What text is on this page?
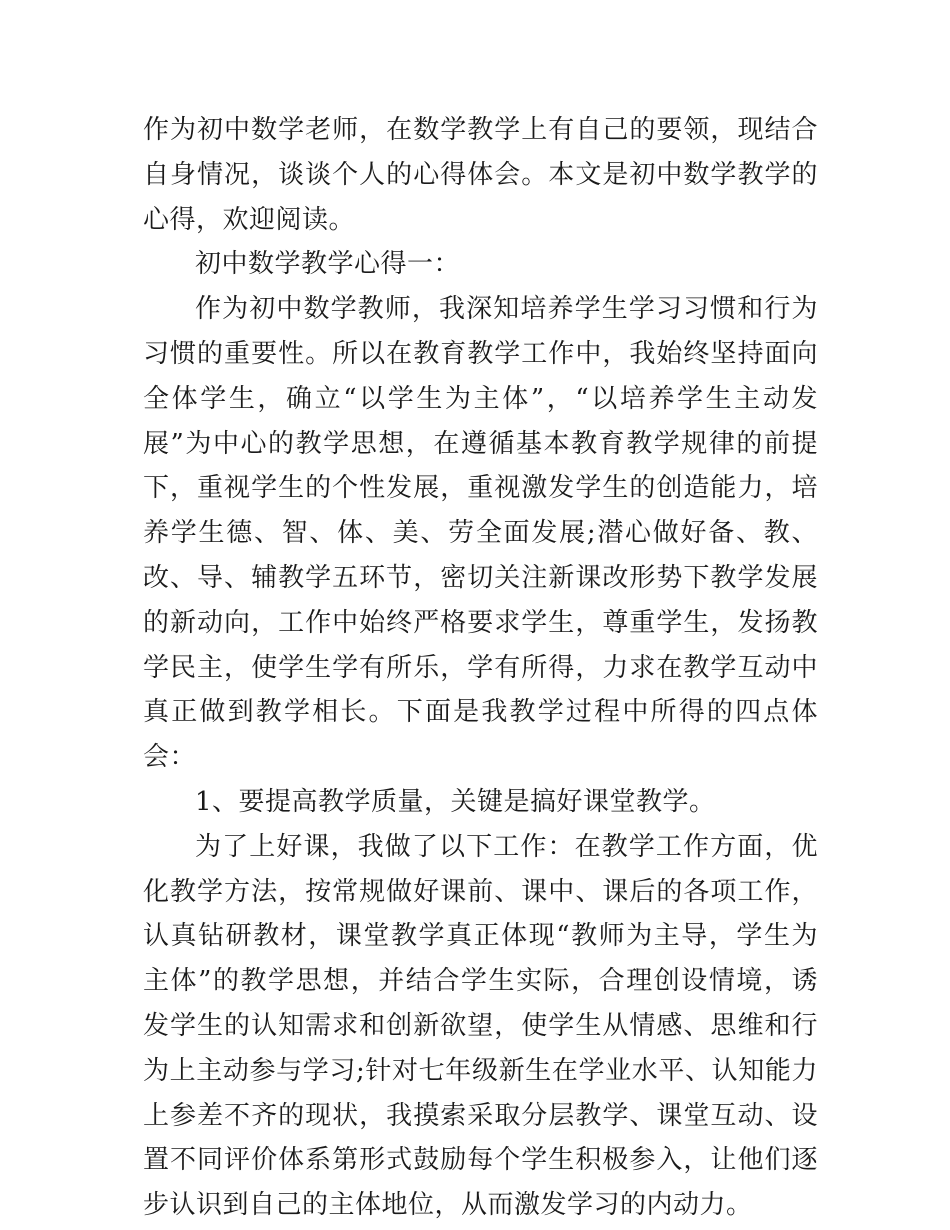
作为初中数学老师，在数学教学上有自己的要领，现结合自身情况，谈谈个人的心得体会。本文是初中数学教学的心得，欢迎阅读。

初中数学教学心得一：

作为初中数学教师，我深知培养学生学习习惯和行为习惯的重要性。所以在教育教学工作中，我始终坚持面向全体学生，确立“以学生为主体”，“以培养学生主动发展”为中心的教学思想，在遵循基本教育教学规律的前提下，重视学生的个性发展，重视激发学生的创造能力，培养学生德、智、体、美、劳全面发展;潜心做好备、教、改、导、辅教学五环节，密切关注新课改形势下教学发展的新动向，工作中始终严格要求学生，尊重学生，发扬教学民主，使学生学有所乐，学有所得，力求在教学互动中真正做到教学相长。下面是我教学过程中所得的四点体会：

1、要提高教学质量，关键是搞好课堂教学。

为了上好课，我做了以下工作：在教学工作方面，优化教学方法，按常规做好课前、课中、课后的各项工作，认真钻研教材，课堂教学真正体现“教师为主导，学生为主体”的教学思想，并结合学生实际，合理创设情境，诱发学生的认知需求和创新欲望，使学生从情感、思维和行为上主动参与学习;针对七年级新生在学业水平、认知能力上参差不齐的现状，我摸索采取分层教学、课堂互动、设置不同评价体系第形式鼓励每个学生积极参入，让他们逐步认识到自己的主体地位，从而激发学习的内动力。
